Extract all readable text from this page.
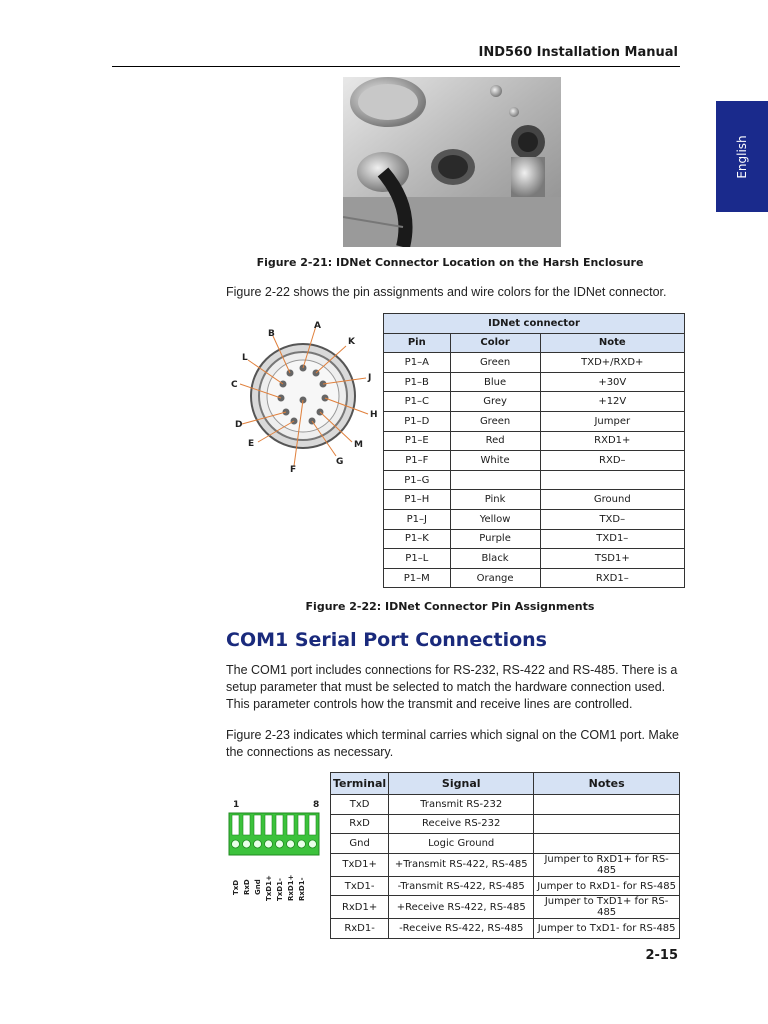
IND560 Installation Manual
English
Figure 2-21: IDNet Connector Location on the Harsh Enclosure
Figure 2-22 shows the pin assignments and wire colors for the IDNet connector.
A
B
K
L
J
C
H
D
E	M
G
F
IDNet connector		
Pin	Color	Note
P1–A	Green	TXD+/RXD+
P1–B	Blue	+30V
P1–C	Grey	+12V
P1–D	Green	Jumper
P1–E	Red	RXD1+
P1–F	White	RXD–
P1–G		
P1–H	Pink	Ground
P1–J	Yellow	TXD–
P1–K	Purple	TXD1–
P1–L	Black	TSD1+
P1–M	Orange	RXD1–
Figure 2-22: IDNet Connector Pin Assignments
COM1 Serial Port Connections
The COM1 port includes connections for RS-232, RS-422 and RS-485. There is a setup parameter that must be selected to match the hardware connection used. This parameter controls how the transmit and receive lines are controlled.
Figure 2-23 indicates which terminal carries which signal on the COM1 port. Make the connections as necessary.
1	8
TxD RxD Gnd TxD1+ TxD1- RxD1+ RxD1-
Terminal	Signal	Notes
TxD	Transmit RS-232	
RxD	Receive RS-232	
Gnd	Logic Ground	
TxD1+	+Transmit RS-422, RS-485	Jumper to RxD1+ for RS-485
TxD1-	-Transmit RS-422, RS-485	Jumper to RxD1- for RS-485
RxD1+	+Receive RS-422, RS-485	Jumper to TxD1+ for RS-485
RxD1-	-Receive RS-422, RS-485	Jumper to TxD1- for RS-485
2-15
